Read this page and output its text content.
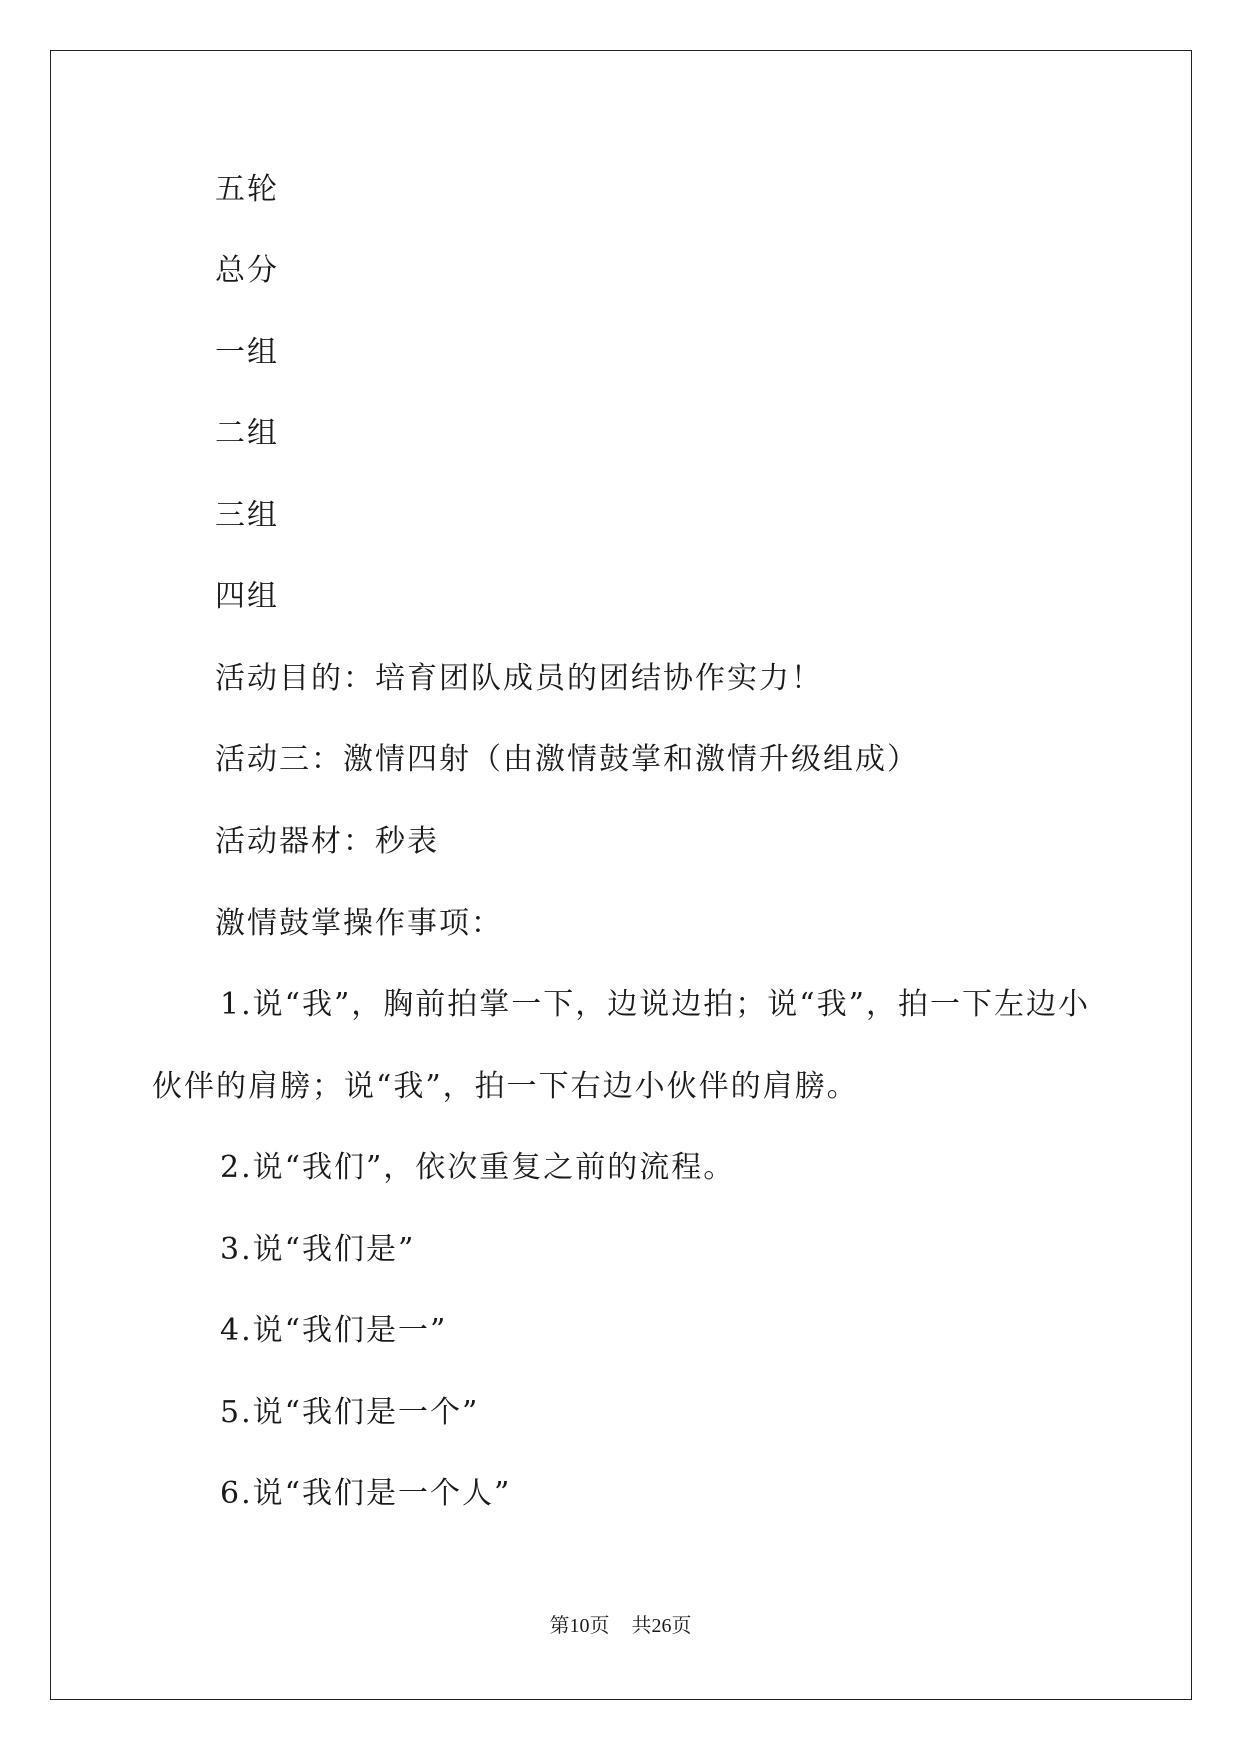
五轮
总分
一组
二组
三组
四组
活动目的：培育团队成员的团结协作实力！
活动三：激情四射（由激情鼓掌和激情升级组成）
活动器材：秒表
激情鼓掌操作事项：
1.说“我”，胸前拍掌一下，边说边拍；说“我”，拍一下左边小
伙伴的肩膀；说“我”，拍一下右边小伙伴的肩膀。
2.说“我们”，依次重复之前的流程。
3.说“我们是”
4.说“我们是一”
5.说“我们是一个”
6.说“我们是一个人”
第10页 共26页
